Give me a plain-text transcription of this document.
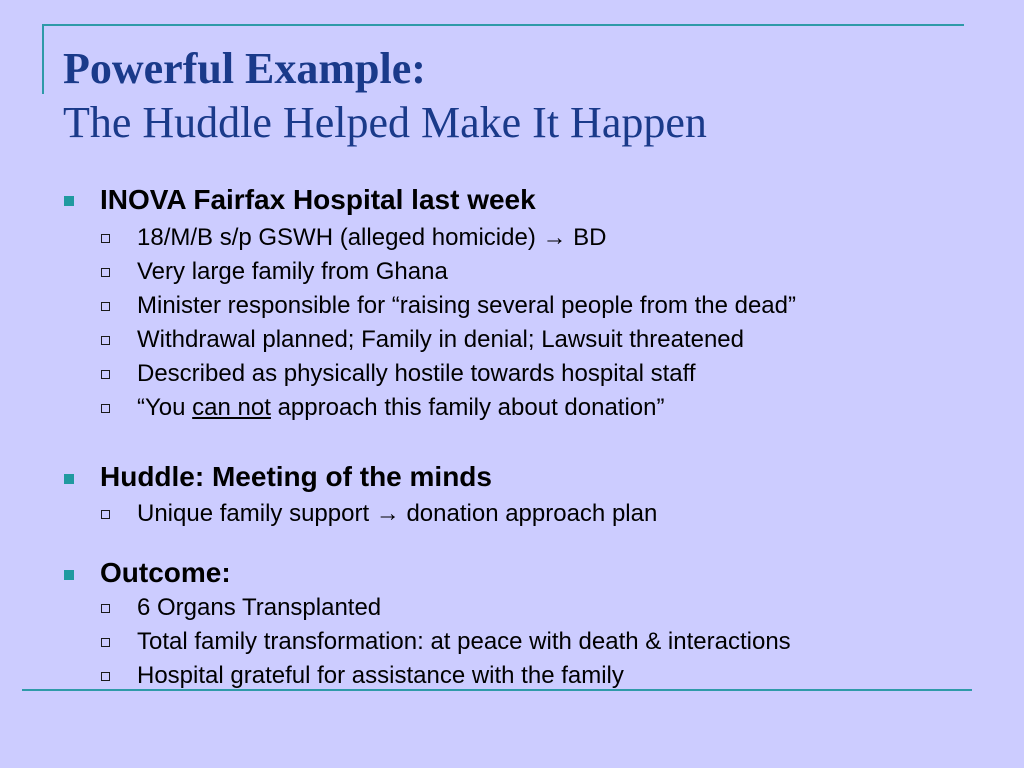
Powerful Example:
The Huddle Helped Make It Happen
INOVA Fairfax Hospital last week
18/M/B s/p GSWH (alleged homicide) → BD
Very large family from Ghana
Minister responsible for “raising several people from the dead”
Withdrawal planned; Family in denial; Lawsuit threatened
Described as physically hostile towards hospital staff
“You can not approach this family about donation”
Huddle: Meeting of the minds
Unique family support → donation approach plan
Outcome:
6 Organs Transplanted
Total family transformation: at peace with death & interactions
Hospital grateful for assistance with the family
